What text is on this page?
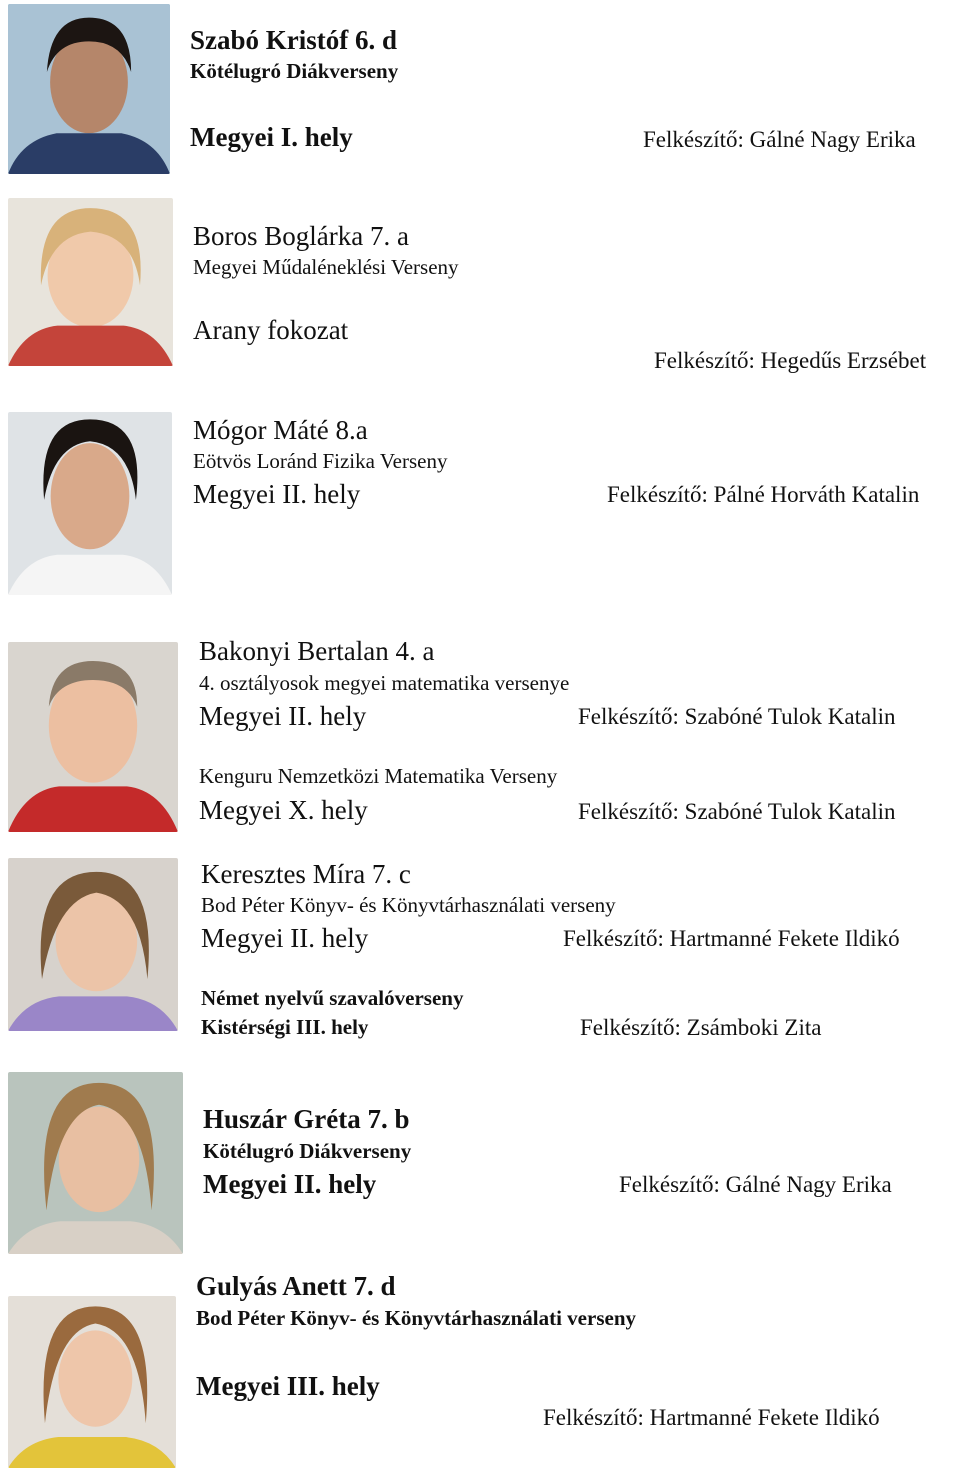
Szabó Kristóf 6. d
Kötélugró Diákverseny
Megyei I. hely	Felkészítő: Gálné Nagy Erika
Boros Boglárka 7. a
Megyei Műdaléneklési Verseny
Arany fokozat
Felkészítő: Hegedűs Erzsébet
Mógor Máté 8.a
Eötvös Loránd Fizika Verseny
Megyei II. hely	Felkészítő: Pálné Horváth Katalin
Bakonyi Bertalan 4. a
4. osztályosok megyei matematika versenye
Megyei II. hely	Felkészítő: Szabóné Tulok Katalin
Kenguru Nemzetközi Matematika Verseny
Megyei X. hely	Felkészítő: Szabóné Tulok Katalin
Keresztes Míra 7. c
Bod Péter Könyv- és Könyvtárhasználati verseny
Megyei II. hely	Felkészítő: Hartmanné Fekete Ildikó
Német nyelvű szavalóverseny
Kistérségi III. hely	Felkészítő: Zsámboki Zita
Huszár Gréta 7. b
Kötélugró Diákverseny
Megyei II. hely	Felkészítő: Gálné Nagy Erika
Gulyás Anett 7. d
Bod Péter Könyv- és Könyvtárhasználati verseny
Megyei III. hely
Felkészítő: Hartmanné Fekete Ildikó
